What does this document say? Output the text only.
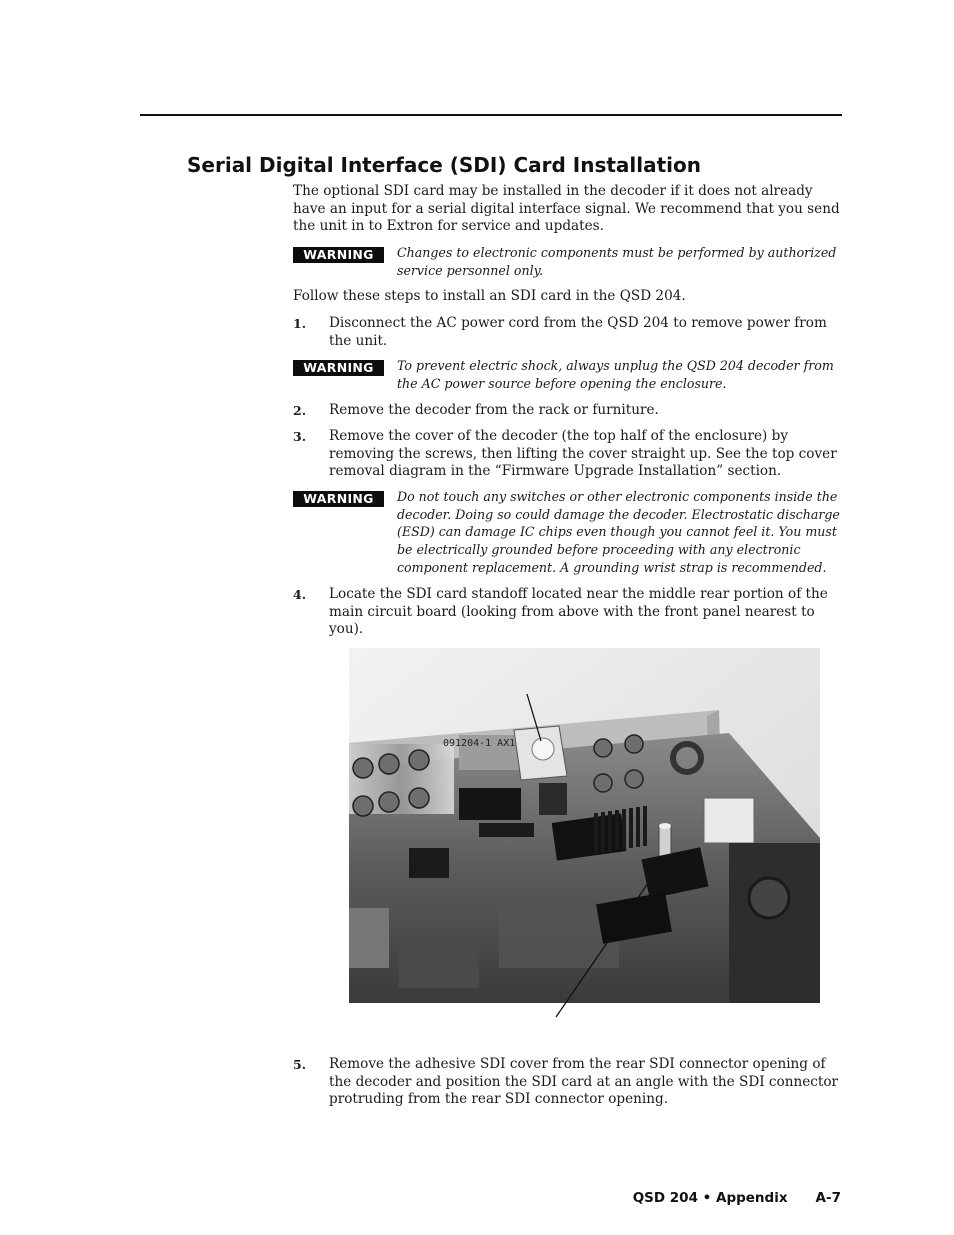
Serial Digital Interface (SDI) Card Installation

The optional SDI card may be installed in the decoder if it does not already have an input for a serial digital interface signal. We recommend that you send the unit in to Extron for service and updates.

WARNING	Changes to electronic components must be performed by authorized service personnel only.

Follow these steps to install an SDI card in the QSD 204.

1. Disconnect the AC power cord from the QSD 204 to remove power from the unit.

WARNING	To prevent electric shock, always unplug the QSD 204 decoder from the AC power source before opening the enclosure.

2. Remove the decoder from the rack or furniture.

3. Remove the cover of the decoder (the top half of the enclosure) by removing the screws, then lifting the cover straight up. See the top cover removal diagram in the “Firmware Upgrade Installation” section.

WARNING	Do not touch any switches or other electronic components inside the decoder. Doing so could damage the decoder. Electrostatic discharge (ESD) can damage IC chips even though you cannot feel it. You must be electrically grounded before proceeding with any electronic component replacement. A grounding wrist strap is recommended.

4. Locate the SDI card standoff located near the middle rear portion of the main circuit board (looking from above with the front panel nearest to you).

091204-1 AX1
5. Remove the adhesive SDI cover from the rear SDI connector opening of the decoder and position the SDI card at an angle with the SDI connector protruding from the rear SDI connector opening.

QSD 204 • Appendix A-7
